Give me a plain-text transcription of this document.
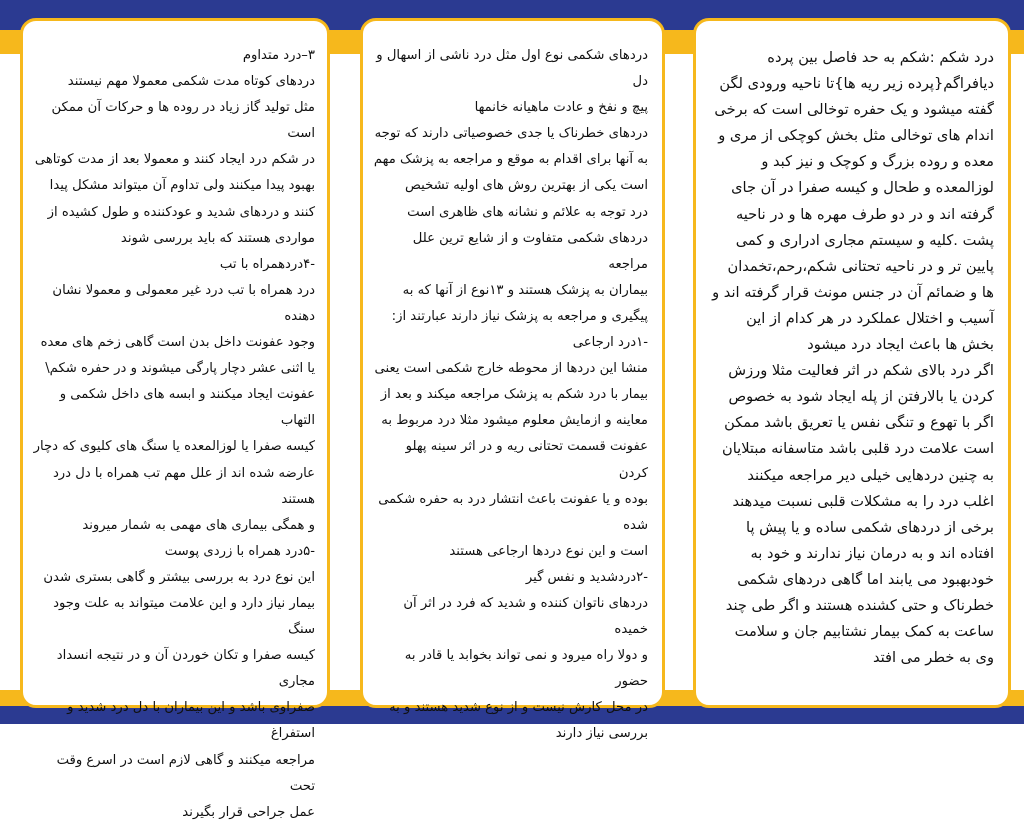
۳–درد متداوم

دردهای کوتاه مدت شکمی معمولا مهم نیستند

مثل تولید گاز زیاد در روده ها و حرکات آن ممکن است

در شکم درد ایجاد کنند و معمولا بعد از مدت کوتاهی

بهبود پیدا میکنند ولی تداوم آن میتواند مشکل پیدا

کنند و دردهای شدید و عودکننده و طول کشیده از

مواردی هستند که باید بررسی شوند

-۴دردهمراه با تب

درد همراه با تب درد غیر معمولی و معمولا نشان دهنده

وجود عفونت داخل بدن است گاهی زخم های معده

یا اثنی عشر دچار پارگی میشوند و در حفره شکم\

عفونت ایجاد میکنند و ابسه های داخل شکمی و التهاب

کیسه صفرا یا لوزالمعده یا سنگ های کلیوی که دچار

عارضه شده اند از علل مهم تب همراه با دل درد هستند

و همگی بیماری های مهمی به شمار میروند

-۵درد همراه با زردی پوست

این نوع درد به بررسی بیشتر و گاهی بستری شدن

بیمار نیاز دارد و این علامت میتواند به علت وجود سنگ

کیسه صفرا و تکان خوردن آن و در نتیجه انسداد مجاری

صفراوی باشد و این بیماران با دل درد شدید و استفراغ

مراجعه میکنند و گاهی لازم است در اسرع وقت تحت

عمل جراحی قرار بگیرند

دردهای شکمی نوع اول مثل درد ناشی از اسهال و دل

پیچ و نفخ و عادت ماهیانه خانمها

دردهای خطرناک یا جدی خصوصیاتی دارند که توجه

به آنها برای اقدام به موقع و مراجعه به پزشک مهم

است یکی از بهترین روش های اولیه تشخیص

درد توجه به علائم و نشانه های ظاهری است

دردهای شکمی متفاوت و از شایع ترین علل مراجعه

بیماران به پزشک هستند و ۱۳نوع از آنها که به

پیگیری و مراجعه به پزشک نیاز دارند عبارتند از:

-۱درد ارجاعی

منشا این دردها از محوطه خارج شکمی است یعنی

بیمار با درد شکم به پزشک مراجعه میکند و بعد از

معاینه و ازمایش معلوم میشود مثلا درد مربوط به

عفونت قسمت تحتانی ریه و در اثر سینه پهلو کردن

بوده و یا عفونت باعث انتشار درد به حفره شکمی شده

است و این نوع دردها ارجاعی هستند

-۲دردشدید و نفس گیر

دردهای ناتوان کننده و شدید که فرد در اثر آن خمیده

و دولا راه میرود و نمی تواند بخوابد یا قادر به حضور

در محل کارش نیست و از نوع شدید هستند و به

بررسی نیاز دارند

درد شکم :شکم به حد فاصل بین پرده

دیافراگم{پرده زیر ریه ها}تا ناحیه ورودی لگن

گفته میشود و یک حفره توخالی است که برخی

اندام های توخالی مثل بخش کوچکی از مری و

معده و روده بزرگ و کوچک و نیز کبد و

لوزالمعده و طحال و کیسه صفرا در آن جای

گرفته اند و در دو طرف مهره ها و در ناحیه

پشت .کلیه و سیستم مجاری ادراری و کمی

پایین تر و در ناحیه تحتانی شکم،رحم،تخمدان

ها و ضمائم آن در جنس مونث قرار گرفته اند و

آسیب و اختلال عملکرد در هر کدام از این

بخش ها باعث ایجاد درد میشود

اگر درد بالای شکم در اثر فعالیت مثلا ورزش

کردن یا بالارفتن از پله ایجاد شود به خصوص

اگر با تهوع و تنگی نفس یا تعریق باشد ممکن

است علامت درد قلبی باشد متاسفانه مبتلایان

به چنین دردهایی خیلی دیر مراجعه میکنند

اغلب درد را به مشکلات قلبی نسبت میدهند

برخی از دردهای شکمی ساده و یا پیش پا

افتاده اند و به درمان نیاز ندارند و خود به

خودبهبود می یابند اما گاهی دردهای شکمی

خطرناک و حتی کشنده هستند و اگر طی چند

ساعت به کمک بیمار نشتابیم جان و سلامت

وی به خطر می افتد
